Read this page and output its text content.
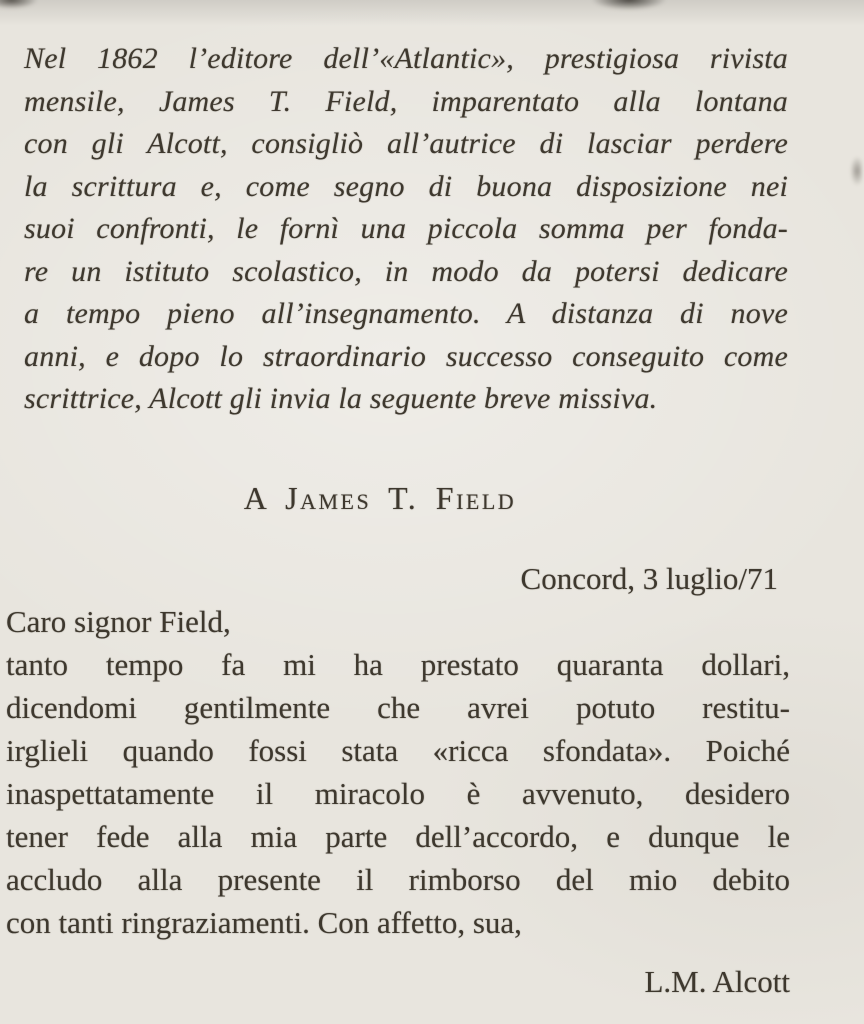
Nel 1862 l’editore dell’«Atlantic», prestigiosa rivista
mensile, James T. Field, imparentato alla lontana
con gli Alcott, consigliò all’autrice di lasciar perdere
la scrittura e, come segno di buona disposizione nei
suoi confronti, le fornì una piccola somma per fonda-
re un istituto scolastico, in modo da potersi dedicare
a tempo pieno all’insegnamento. A distanza di nove
anni, e dopo lo straordinario successo conseguito come
scrittrice, Alcott gli invia la seguente breve missiva.
A James T. Field
Concord, 3 luglio/71
Caro signor Field,
tanto tempo fa mi ha prestato quaranta dollari,
dicendomi gentilmente che avrei potuto restitu-
irglieli quando fossi stata «ricca sfondata». Poiché
inaspettatamente il miracolo è avvenuto, desidero
tener fede alla mia parte dell’accordo, e dunque le
accludo alla presente il rimborso del mio debito
con tanti ringraziamenti. Con affetto, sua,
L.M. Alcott
